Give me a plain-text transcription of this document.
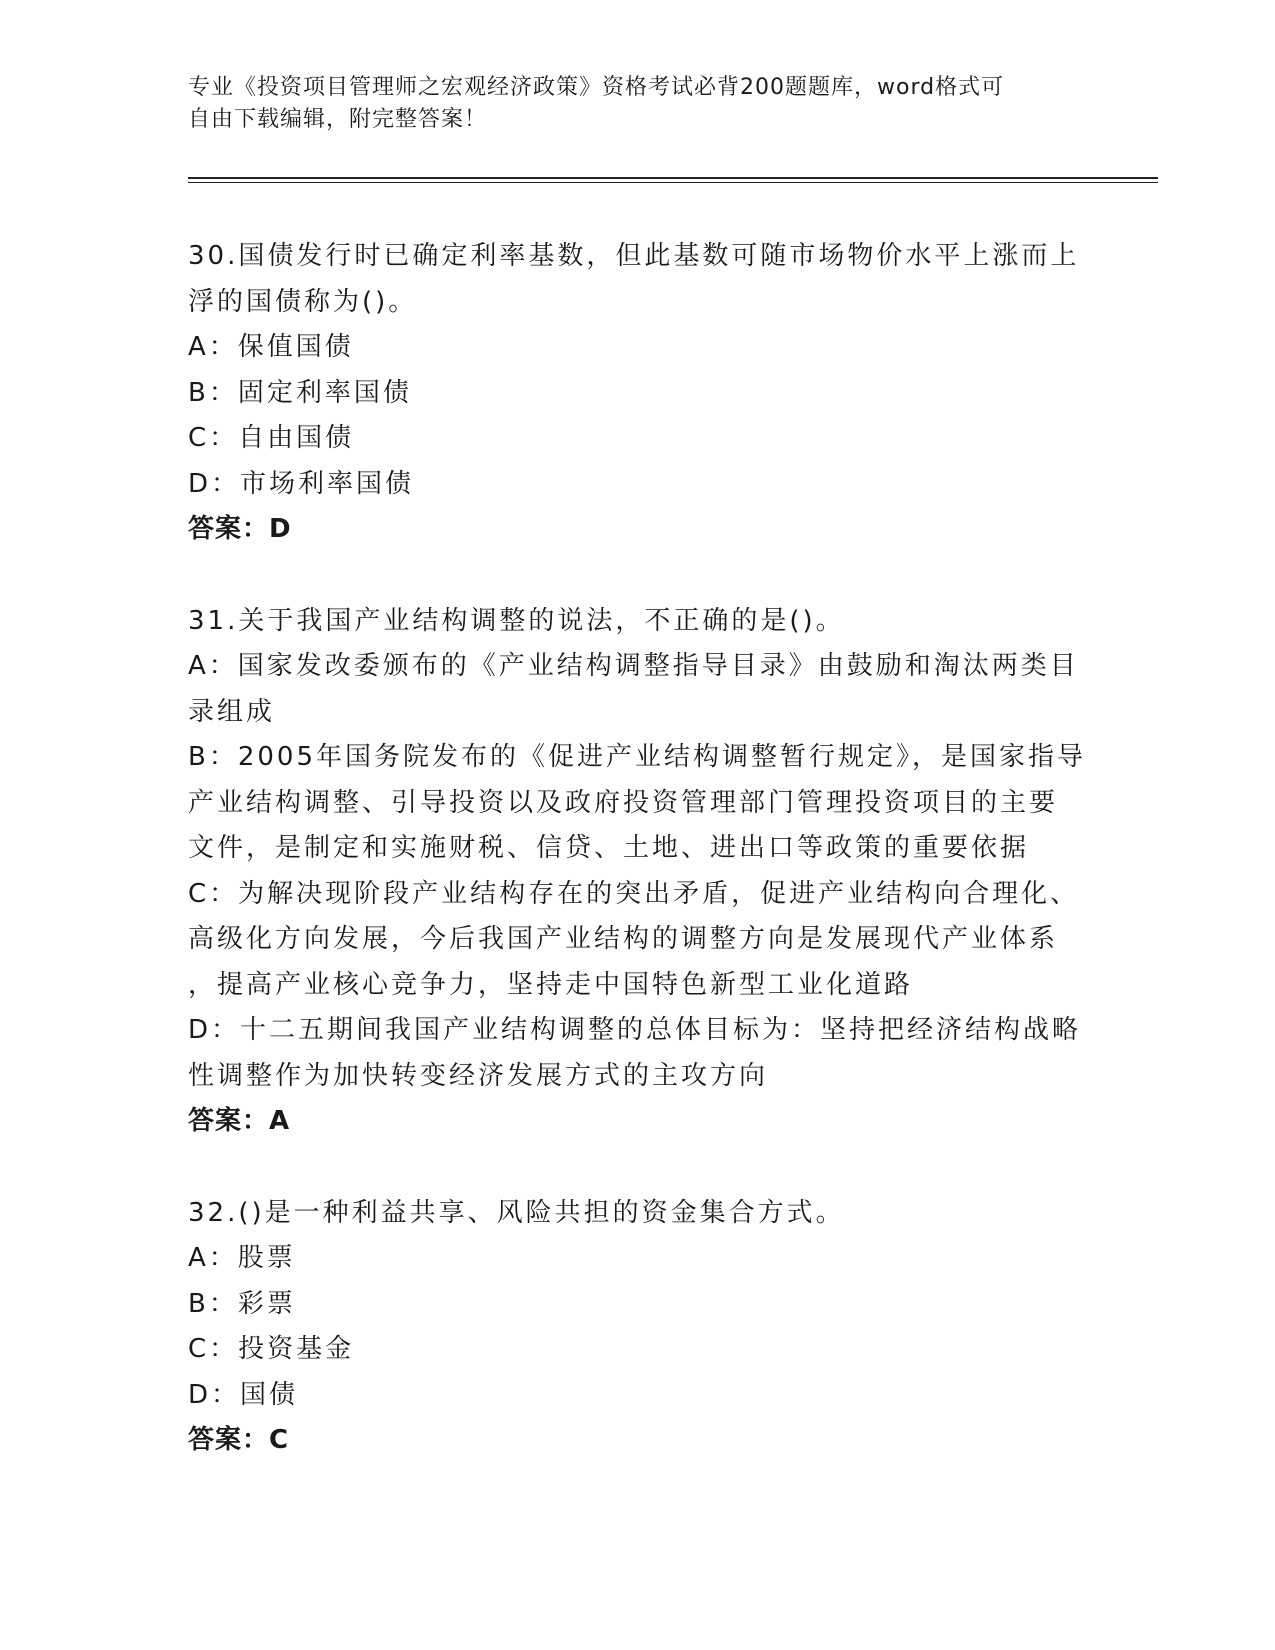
专业《投资项目管理师之宏观经济政策》资格考试必背200题题库，word格式可
自由下载编辑，附完整答案！
30.国债发行时已确定利率基数，但此基数可随市场物价水平上涨而上
浮的国债称为()。
A：保值国债
B：固定利率国债
C：自由国债
D：市场利率国债
答案：D
31.关于我国产业结构调整的说法，不正确的是()。
A：国家发改委颁布的《产业结构调整指导目录》由鼓励和淘汰两类目
录组成
B：2005年国务院发布的《促进产业结构调整暂行规定》，是国家指导
产业结构调整、引导投资以及政府投资管理部门管理投资项目的主要
文件，是制定和实施财税、信贷、土地、进出口等政策的重要依据
C：为解决现阶段产业结构存在的突出矛盾，促进产业结构向合理化、
高级化方向发展，今后我国产业结构的调整方向是发展现代产业体系
，提高产业核心竞争力，坚持走中国特色新型工业化道路
D：十二五期间我国产业结构调整的总体目标为：坚持把经济结构战略
性调整作为加快转变经济发展方式的主攻方向
答案：A
32.()是一种利益共享、风险共担的资金集合方式。
A：股票
B：彩票
C：投资基金
D：国债
答案：C
